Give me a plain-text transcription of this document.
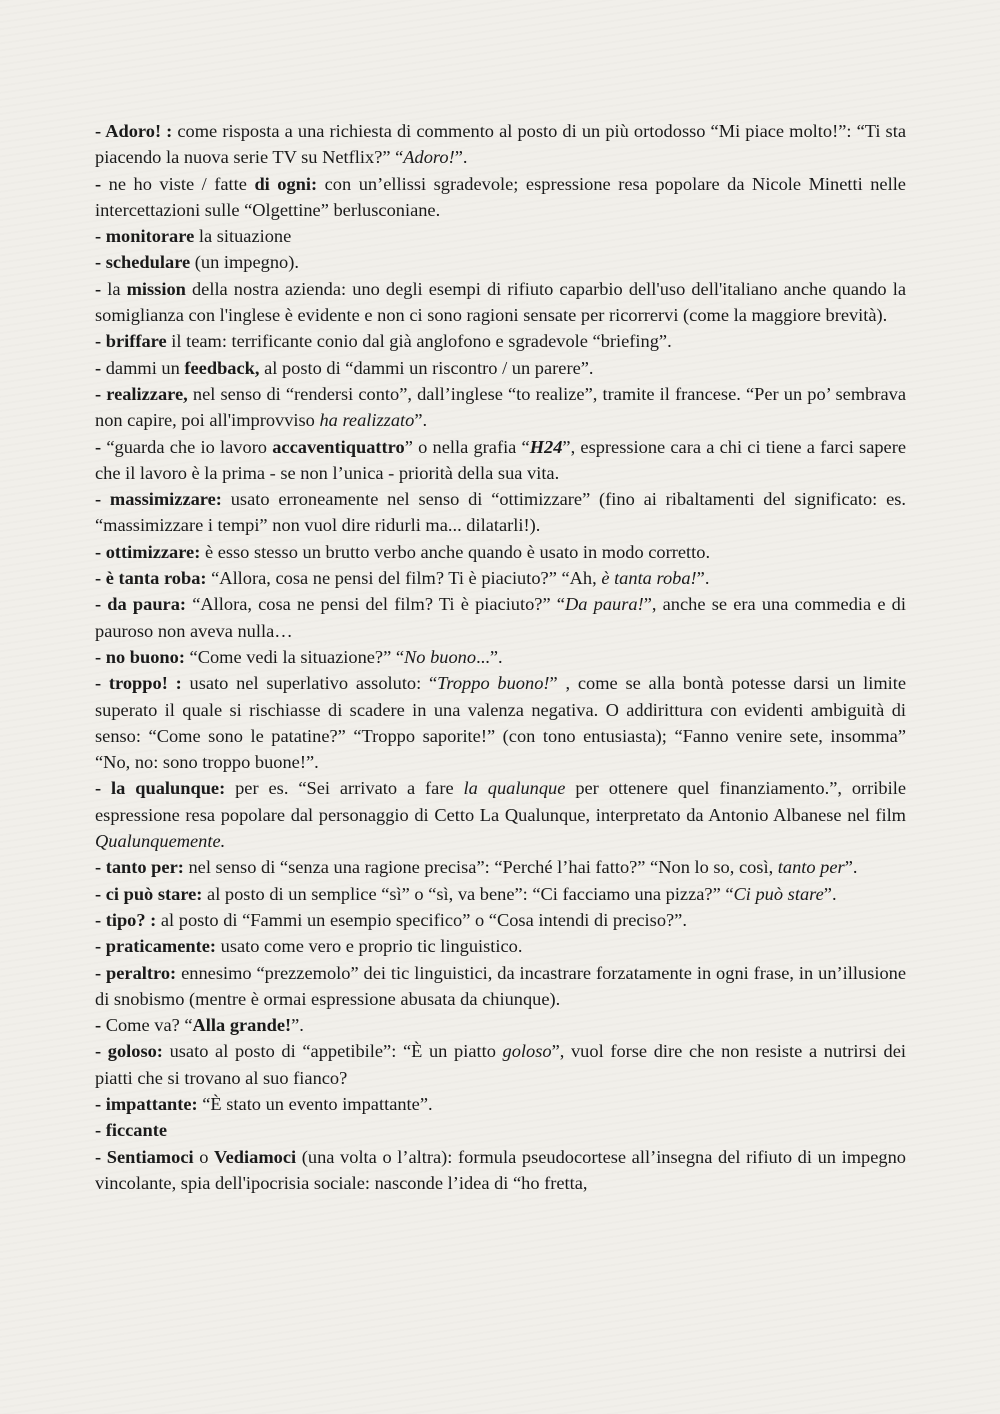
- Adoro! : come risposta a una richiesta di commento al posto di un più ortodosso “Mi piace molto!”: “Ti sta piacendo la nuova serie TV su Netflix?” “Adoro!”.

- ne ho viste / fatte di ogni: con un’ellissi sgradevole; espressione resa popolare da Nicole Minetti nelle intercettazioni sulle “Olgettine” berlusconiane.

- monitorare la situazione

- schedulare (un impegno).

- la mission della nostra azienda: uno degli esempi di rifiuto caparbio dell'uso dell'italiano anche quando la somiglianza con l'inglese è evidente e non ci sono ragioni sensate per ricorrervi (come la maggiore brevità).

- briffare il team: terrificante conio dal già anglofono e sgradevole “briefing”.

- dammi un feedback, al posto di “dammi un riscontro / un parere”.

- realizzare, nel senso di “rendersi conto”, dall’inglese “to realize”, tramite il francese. “Per un po’ sembrava non capire, poi all'improvviso ha realizzato”.

- “guarda che io lavoro accaventiquattro” o nella grafia “H24”, espressione cara a chi ci tiene a farci sapere che il lavoro è la prima - se non l’unica - priorità della sua vita.

- massimizzare: usato erroneamente nel senso di “ottimizzare” (fino ai ribaltamenti del significato: es. “massimizzare i tempi” non vuol dire ridurli ma... dilatarli!).

- ottimizzare: è esso stesso un brutto verbo anche quando è usato in modo corretto.

- è tanta roba: “Allora, cosa ne pensi del film? Ti è piaciuto?” “Ah, è tanta roba!”.

- da paura: “Allora, cosa ne pensi del film? Ti è piaciuto?” “Da paura!”, anche se era una commedia e di pauroso non aveva nulla…

- no buono: “Come vedi la situazione?” “No buono...”.

- troppo! : usato nel superlativo assoluto: “Troppo buono!” , come se alla bontà potesse darsi un limite superato il quale si rischiasse di scadere in una valenza negativa. O addirittura con evidenti ambiguità di senso: “Come sono le patatine?” “Troppo saporite!” (con tono entusiasta); “Fanno venire sete, insomma” “No, no: sono troppo buone!”.

- la qualunque: per es. “Sei arrivato a fare la qualunque per ottenere quel finanziamento.”, orribile espressione resa popolare dal personaggio di Cetto La Qualunque, interpretato da Antonio Albanese nel film Qualunquemente.

- tanto per: nel senso di “senza una ragione precisa”: “Perché l’hai fatto?” “Non lo so, così, tanto per”.

- ci può stare: al posto di un semplice “sì” o “sì, va bene”: “Ci facciamo una pizza?” “Ci può stare”.

- tipo? : al posto di “Fammi un esempio specifico” o “Cosa intendi di preciso?”.

- praticamente: usato come vero e proprio tic linguistico.

- peraltro: ennesimo “prezzemolo” dei tic linguistici, da incastrare forzatamente in ogni frase, in un’illusione di snobismo (mentre è ormai espressione abusata da chiunque).

- Come va? “Alla grande!”.

- goloso: usato al posto di “appetibile”: “È un piatto goloso”, vuol forse dire che non resiste a nutrirsi dei piatti che si trovano al suo fianco?

- impattante: “È stato un evento impattante”.

- ficcante

- Sentiamoci o Vediamoci (una volta o l’altra): formula pseudocortese all’insegna del rifiuto di un impegno vincolante, spia dell'ipocrisia sociale: nasconde l’idea di “ho fretta,
